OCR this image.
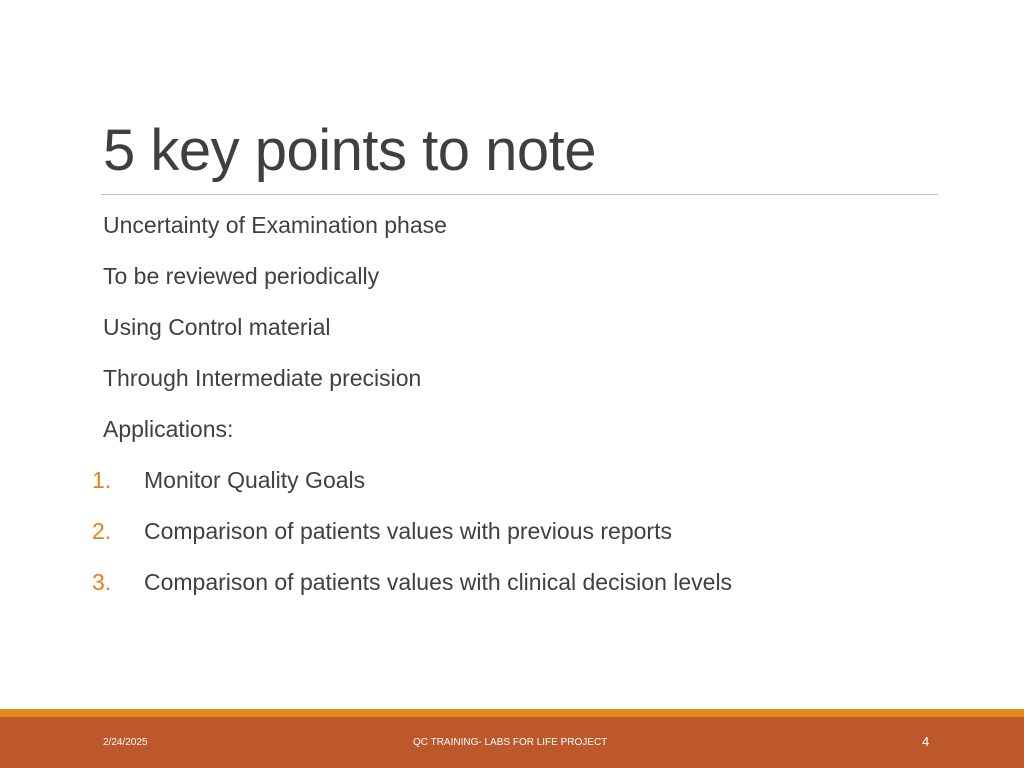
5 key points to note
Uncertainty of Examination phase
To be reviewed periodically
Using Control material
Through Intermediate precision
Applications:
1. Monitor Quality Goals
2. Comparison of patients values with previous reports
3. Comparison of patients values with clinical decision levels
2/24/2025	QC TRAINING- LABS FOR LIFE PROJECT	4
